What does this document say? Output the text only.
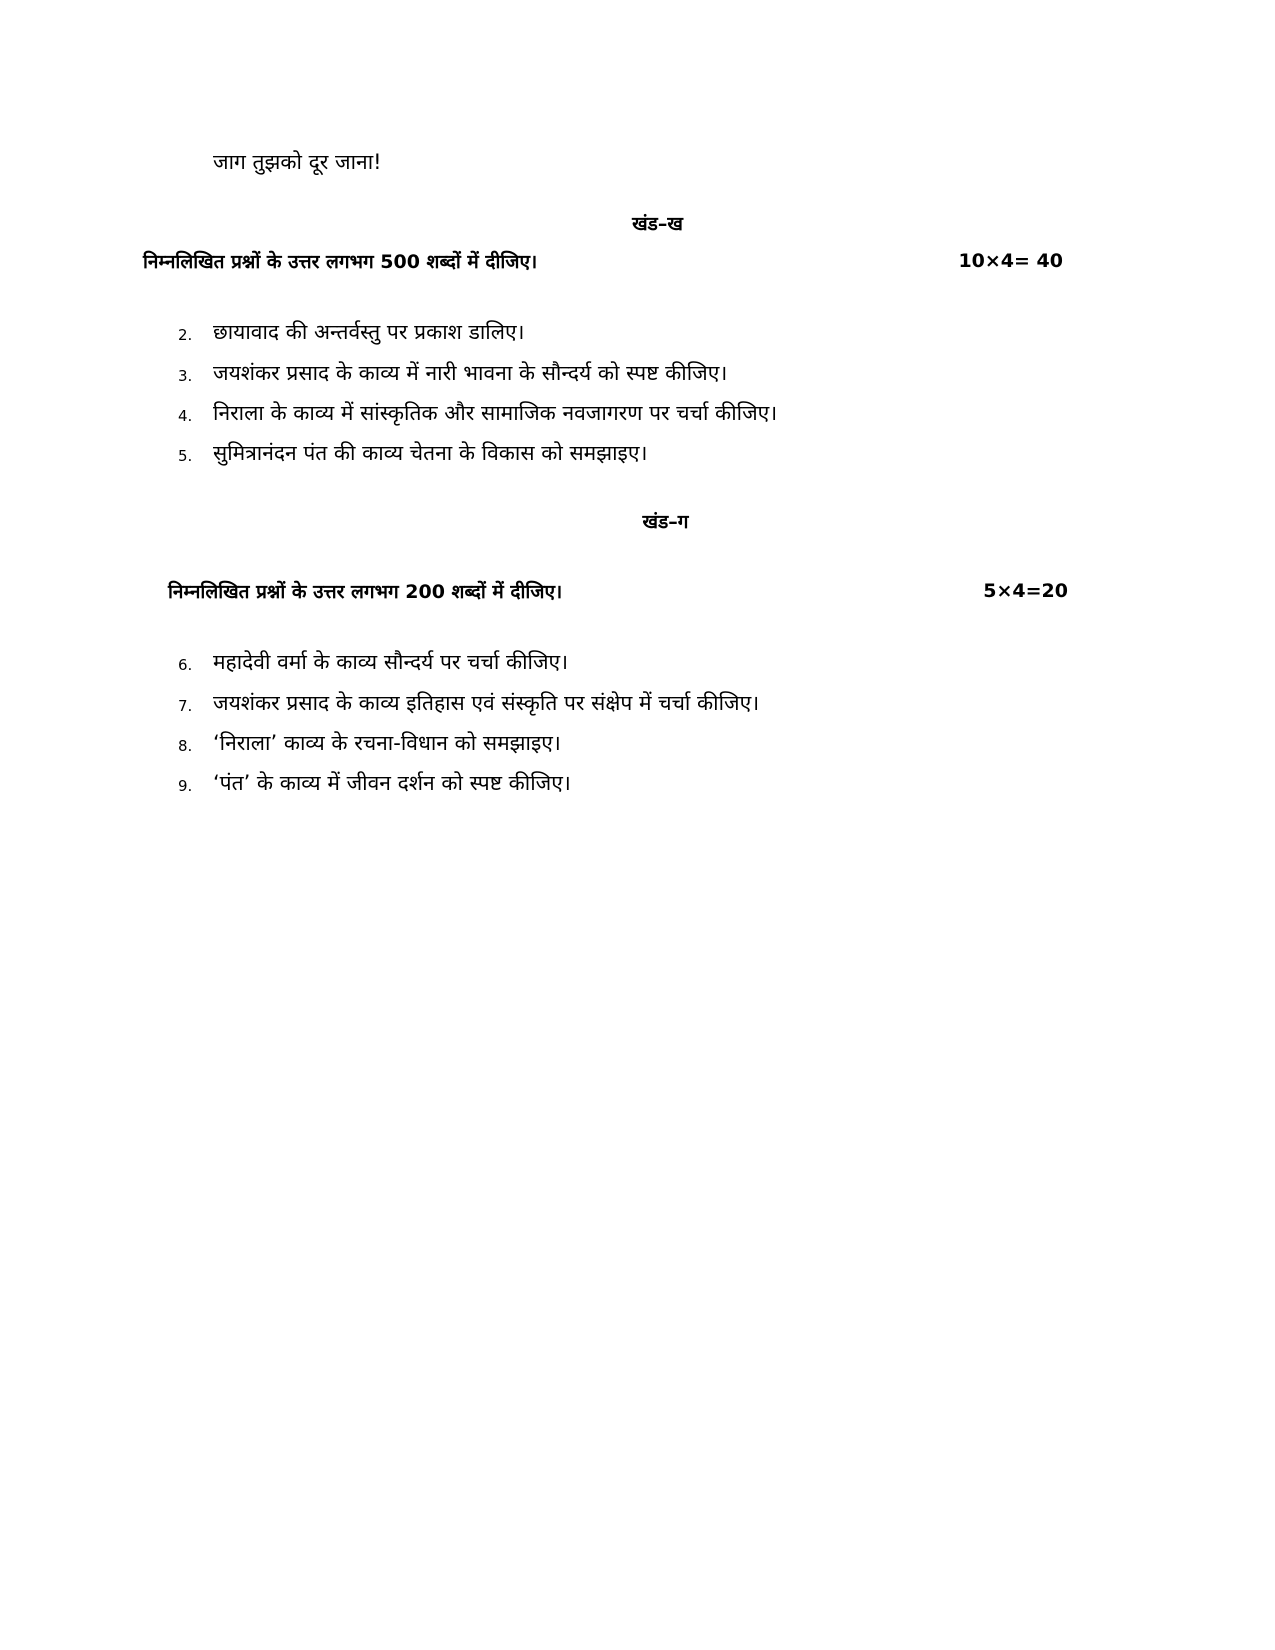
जाग तुझको दूर जाना!
खंड–ख
निम्नलिखित प्रश्नों के उत्तर लगभग 500 शब्दों में दीजिए।	10×4= 40
2. छायावाद की अन्तर्वस्तु पर प्रकाश डालिए।
3. जयशंकर प्रसाद के काव्य में नारी भावना के सौन्दर्य को स्पष्ट कीजिए।
4. निराला के काव्य में सांस्कृतिक और सामाजिक नवजागरण पर चर्चा कीजिए।
5. सुमित्रानंदन पंत की काव्य चेतना के विकास को समझाइए।
खंड–ग
निम्नलिखित प्रश्नों के उत्तर लगभग 200 शब्दों में दीजिए।	5×4=20
6. महादेवी वर्मा के काव्य सौन्दर्य पर चर्चा कीजिए।
7. जयशंकर प्रसाद के काव्य इतिहास एवं संस्कृति पर संक्षेप में चर्चा कीजिए।
8. ‘निराला’ काव्य के रचना-विधान को समझाइए।
9. ‘पंत’ के काव्य में जीवन दर्शन को स्पष्ट कीजिए।
